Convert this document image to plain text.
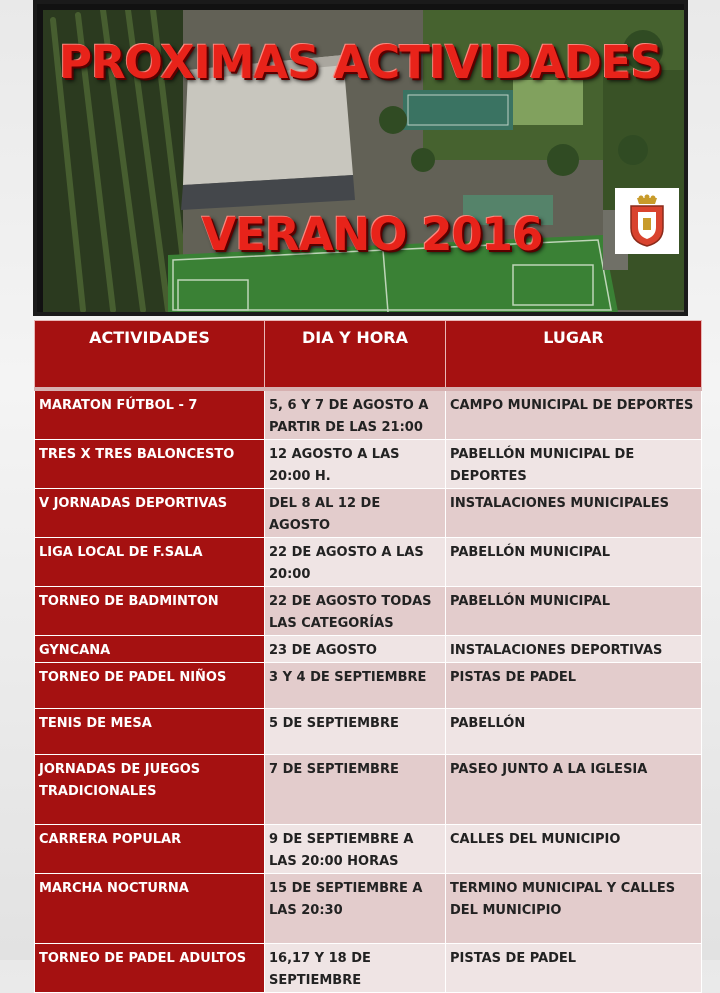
PROXIMAS ACTIVIDADES
VERANO 2016
ACTIVIDADES	DIA Y HORA	LUGAR
MARATON FÚTBOL - 7	5, 6 Y 7 DE AGOSTO A PARTIR DE LAS 21:00	CAMPO MUNICIPAL DE DEPORTES
TRES X TRES BALONCESTO	12 AGOSTO A LAS 20:00 H.	PABELLÓN MUNICIPAL DE DEPORTES
V JORNADAS DEPORTIVAS	DEL 8 AL 12 DE AGOSTO	INSTALACIONES MUNICIPALES
LIGA LOCAL DE F.SALA	22 DE AGOSTO A LAS 20:00	PABELLÓN MUNICIPAL
TORNEO DE BADMINTON	22 DE AGOSTO TODAS LAS CATEGORÍAS	PABELLÓN MUNICIPAL
GYNCANA	23 DE AGOSTO	INSTALACIONES DEPORTIVAS
TORNEO DE PADEL NIÑOS	3 Y 4 DE SEPTIEMBRE	PISTAS DE PADEL
TENIS DE MESA	5 DE SEPTIEMBRE	PABELLÓN
JORNADAS DE JUEGOS TRADICIONALES	7 DE SEPTIEMBRE	PASEO JUNTO A LA IGLESIA
CARRERA POPULAR	9 DE SEPTIEMBRE A LAS 20:00 HORAS	CALLES DEL MUNICIPIO
MARCHA NOCTURNA	15 DE SEPTIEMBRE A LAS 20:30	TERMINO MUNICIPAL Y CALLES DEL MUNICIPIO
TORNEO DE PADEL ADULTOS	16,17 Y 18 DE SEPTIEMBRE	PISTAS DE PADEL
